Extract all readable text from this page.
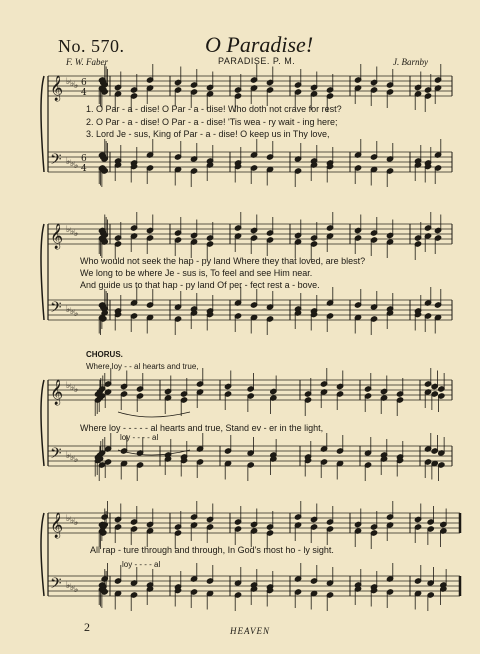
𝄞
𝄢
♭
♭
♭
♭
♭
♭
6
4
6
4
𝄞
𝄢
♭
♭
♭
♭
♭
♭
𝄞
𝄢
♭
♭
♭
♭
♭
♭
𝄞
𝄢
♭
♭
♭
♭
♭
♭
No. 570.	O Paradise!
F. W. Faber	PARADISE. P. M.	J. Barnby
1. O Par - a - dise! O Par - a - dise! Who doth not crave for rest?
2. O Par - a - dise! O Par - a - dise! 'Tis wea - ry wait - ing here;
3. Lord Je - sus, King of Par - a - dise! O keep us in Thy love,
Who would not seek the hap - py land Where they that loved, are blest?
We long to be where Je - sus is, To feel and see Him near.
And guide us to that hap - py land Of per - fect rest a - bove.
CHORUS.
Where loy - - al hearts and true,
Where loy - - - - - al hearts and true, Stand ev - er in the light,
loy - - - - al
All rap - ture through and through, In God's most ho - ly sight.
loy - - - - al
2	HEAVEN
